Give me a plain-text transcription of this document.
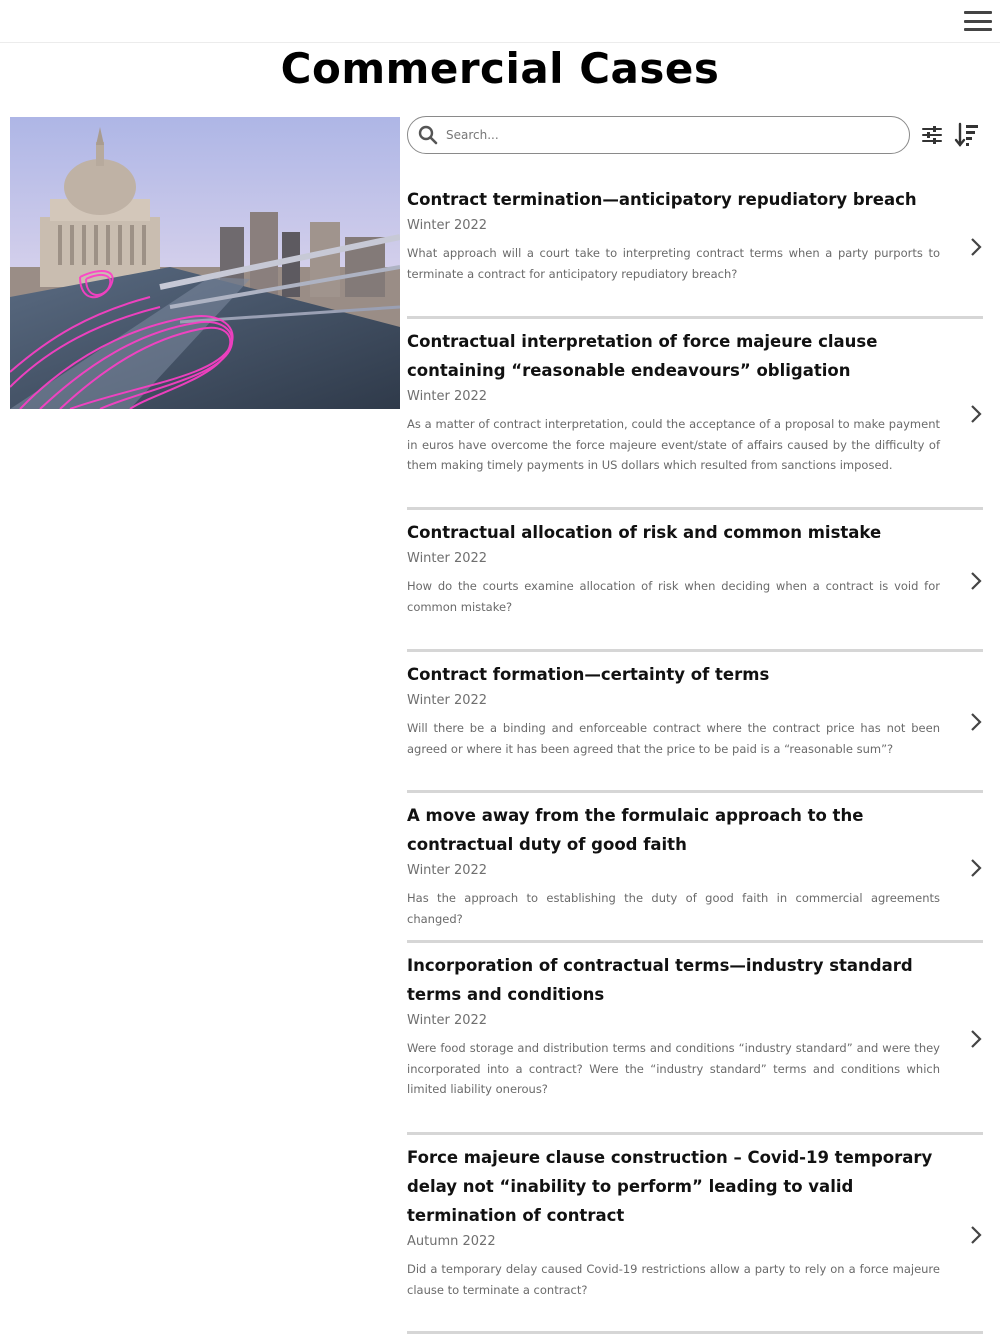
Commercial Cases
Search...
Contract termination—anticipatory repudiatory breach
Winter 2022
What approach will a court take to interpreting contract terms when a party purports to terminate a contract for anticipatory repudiatory breach?
Contractual interpretation of force majeure clause containing “reasonable endeavours” obligation
Winter 2022
As a matter of contract interpretation, could the acceptance of a proposal to make payment in euros have overcome the force majeure event/state of affairs caused by the difficulty of them making timely payments in US dollars which resulted from sanctions imposed.
Contractual allocation of risk and common mistake
Winter 2022
How do the courts examine allocation of risk when deciding when a contract is void for common mistake?
Contract formation—certainty of terms
Winter 2022
Will there be a binding and enforceable contract where the contract price has not been agreed or where it has been agreed that the price to be paid is a “reasonable sum”?
A move away from the formulaic approach to the contractual duty of good faith
Winter 2022
Has the approach to establishing the duty of good faith in commercial agreements changed?
Incorporation of contractual terms—industry standard terms and conditions
Winter 2022
Were food storage and distribution terms and conditions “industry standard” and were they incorporated into a contract? Were the “industry standard” terms and conditions which limited liability onerous?
Force majeure clause construction – Covid-19 temporary delay not “inability to perform” leading to valid termination of contract
Autumn 2022
Did a temporary delay caused Covid-19 restrictions allow a party to rely on a force majeure clause to terminate a contract?
